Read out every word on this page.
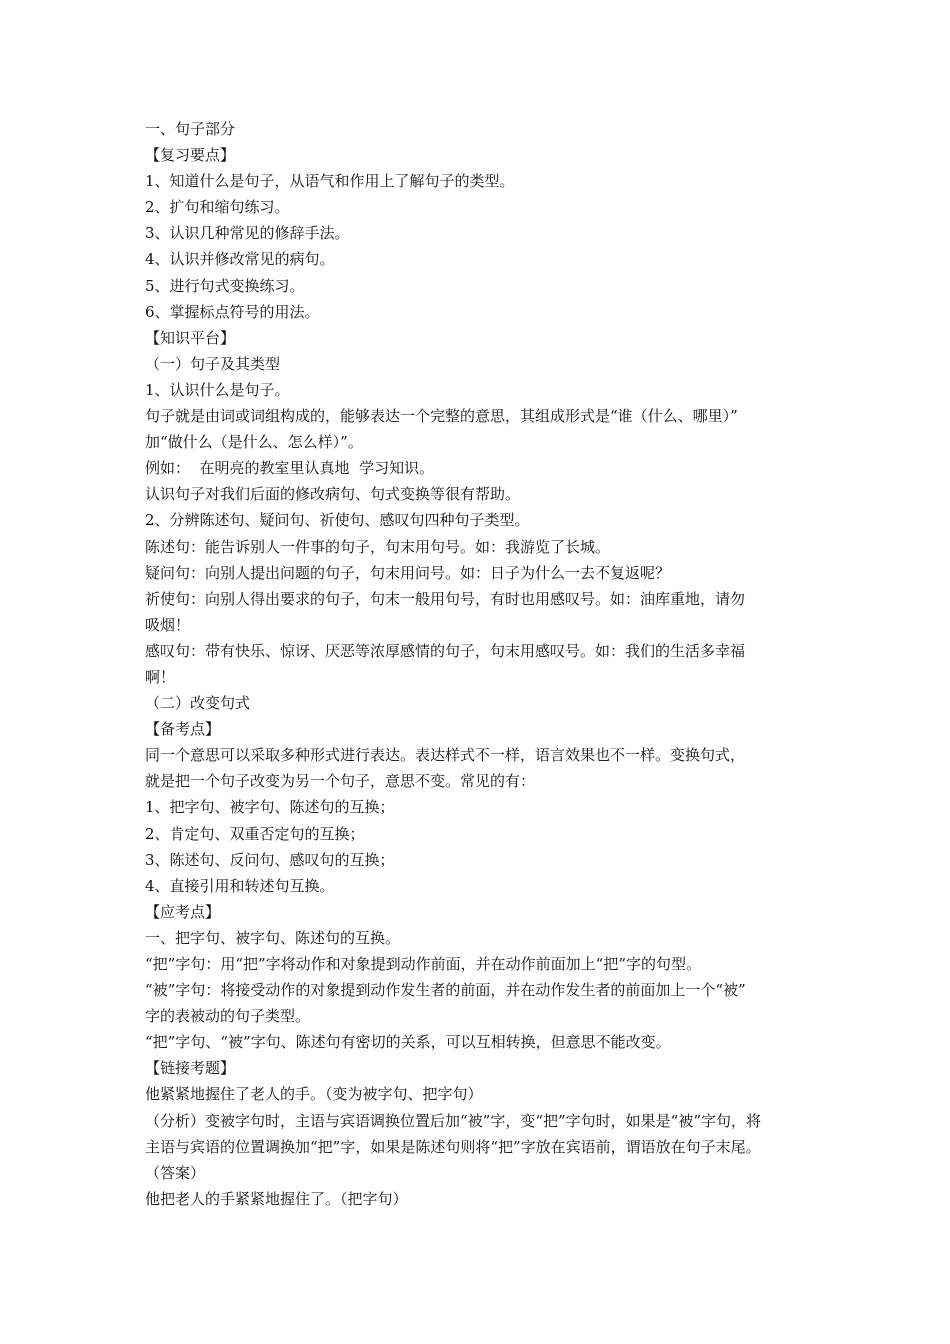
一、句子部分
【复习要点】
1、知道什么是句子，从语气和作用上了解句子的类型。
2、扩句和缩句练习。
3、认识几种常见的修辞手法。
4、认识并修改常见的病句。
5、进行句式变换练习。
6、掌握标点符号的用法。
【知识平台】
（一）句子及其类型
1、认识什么是句子。
句子就是由词或词组构成的，能够表达一个完整的意思，其组成形式是“谁（什么、哪里）”
加“做什么（是什么、怎么样）”。
例如：  在明亮的教室里认真地  学习知识。
认识句子对我们后面的修改病句、句式变换等很有帮助。
2、分辨陈述句、疑问句、祈使句、感叹句四种句子类型。
陈述句：能告诉别人一件事的句子，句末用句号。如：我游览了长城。
疑问句：向别人提出问题的句子，句末用问号。如：日子为什么一去不复返呢？
祈使句：向别人得出要求的句子，句末一般用句号，有时也用感叹号。如：油库重地，请勿
吸烟！
感叹句：带有快乐、惊讶、厌恶等浓厚感情的句子，句末用感叹号。如：我们的生活多幸福
啊！
（二）改变句式
【备考点】
同一个意思可以采取多种形式进行表达。表达样式不一样，语言效果也不一样。变换句式，
就是把一个句子改变为另一个句子，意思不变。常见的有：
1、把字句、被字句、陈述句的互换；
2、肯定句、双重否定句的互换；
3、陈述句、反问句、感叹句的互换；
4、直接引用和转述句互换。
【应考点】
一、把字句、被字句、陈述句的互换。
“把”字句：用“把”字将动作和对象提到动作前面，并在动作前面加上“把”字的句型。
“被”字句：将接受动作的对象提到动作发生者的前面，并在动作发生者的前面加上一个“被”
字的表被动的句子类型。
“把”字句、“被”字句、陈述句有密切的关系，可以互相转换，但意思不能改变。
【链接考题】
他紧紧地握住了老人的手。（变为被字句、把字句）
（分析）变被字句时，主语与宾语调换位置后加“被”字，变“把”字句时，如果是“被”字句，将
主语与宾语的位置调换加“把”字，如果是陈述句则将“把”字放在宾语前，谓语放在句子末尾。
（答案）
他把老人的手紧紧地握住了。（把字句）
